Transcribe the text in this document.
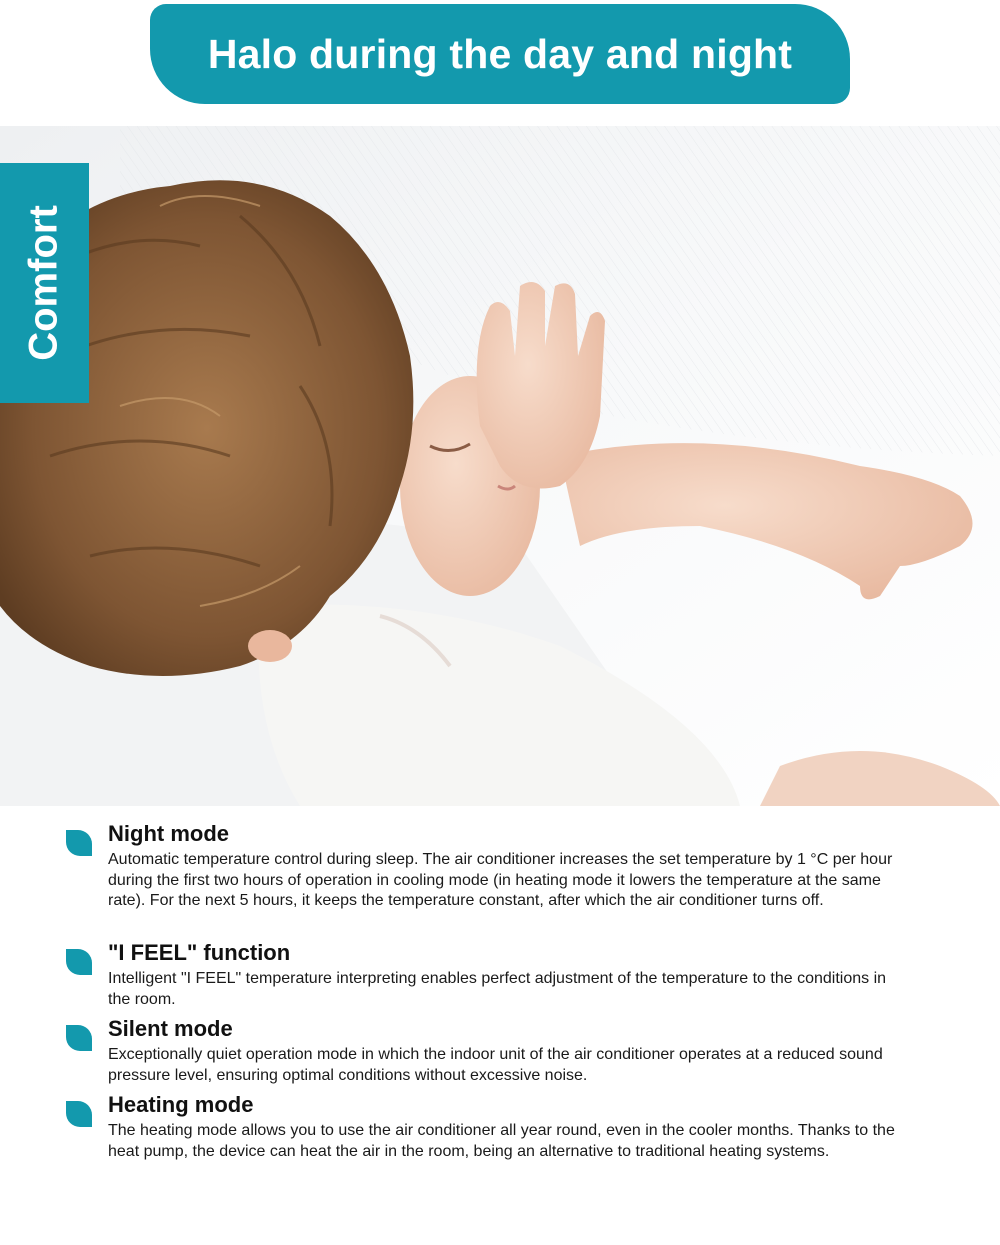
Halo during the day and night
Comfort
Night mode

Automatic temperature control during sleep. The air conditioner increases the set temperature by 1 °C per hour during the first two hours of operation in cooling mode (in heating mode it lowers the temperature at the same rate). For the next 5 hours, it keeps the temperature constant, after which the air conditioner turns off.

"I FEEL" function

Intelligent "I FEEL" temperature interpreting enables perfect adjustment of the temperature to the conditions in the room.

Silent mode

Exceptionally quiet operation mode in which the indoor unit of the air conditioner operates at a reduced sound pressure level, ensuring optimal conditions without excessive noise.

Heating mode

The heating mode allows you to use the air conditioner all year round, even in the cooler months. Thanks to the heat pump, the device can heat the air in the room, being an alternative to traditional heating systems.
